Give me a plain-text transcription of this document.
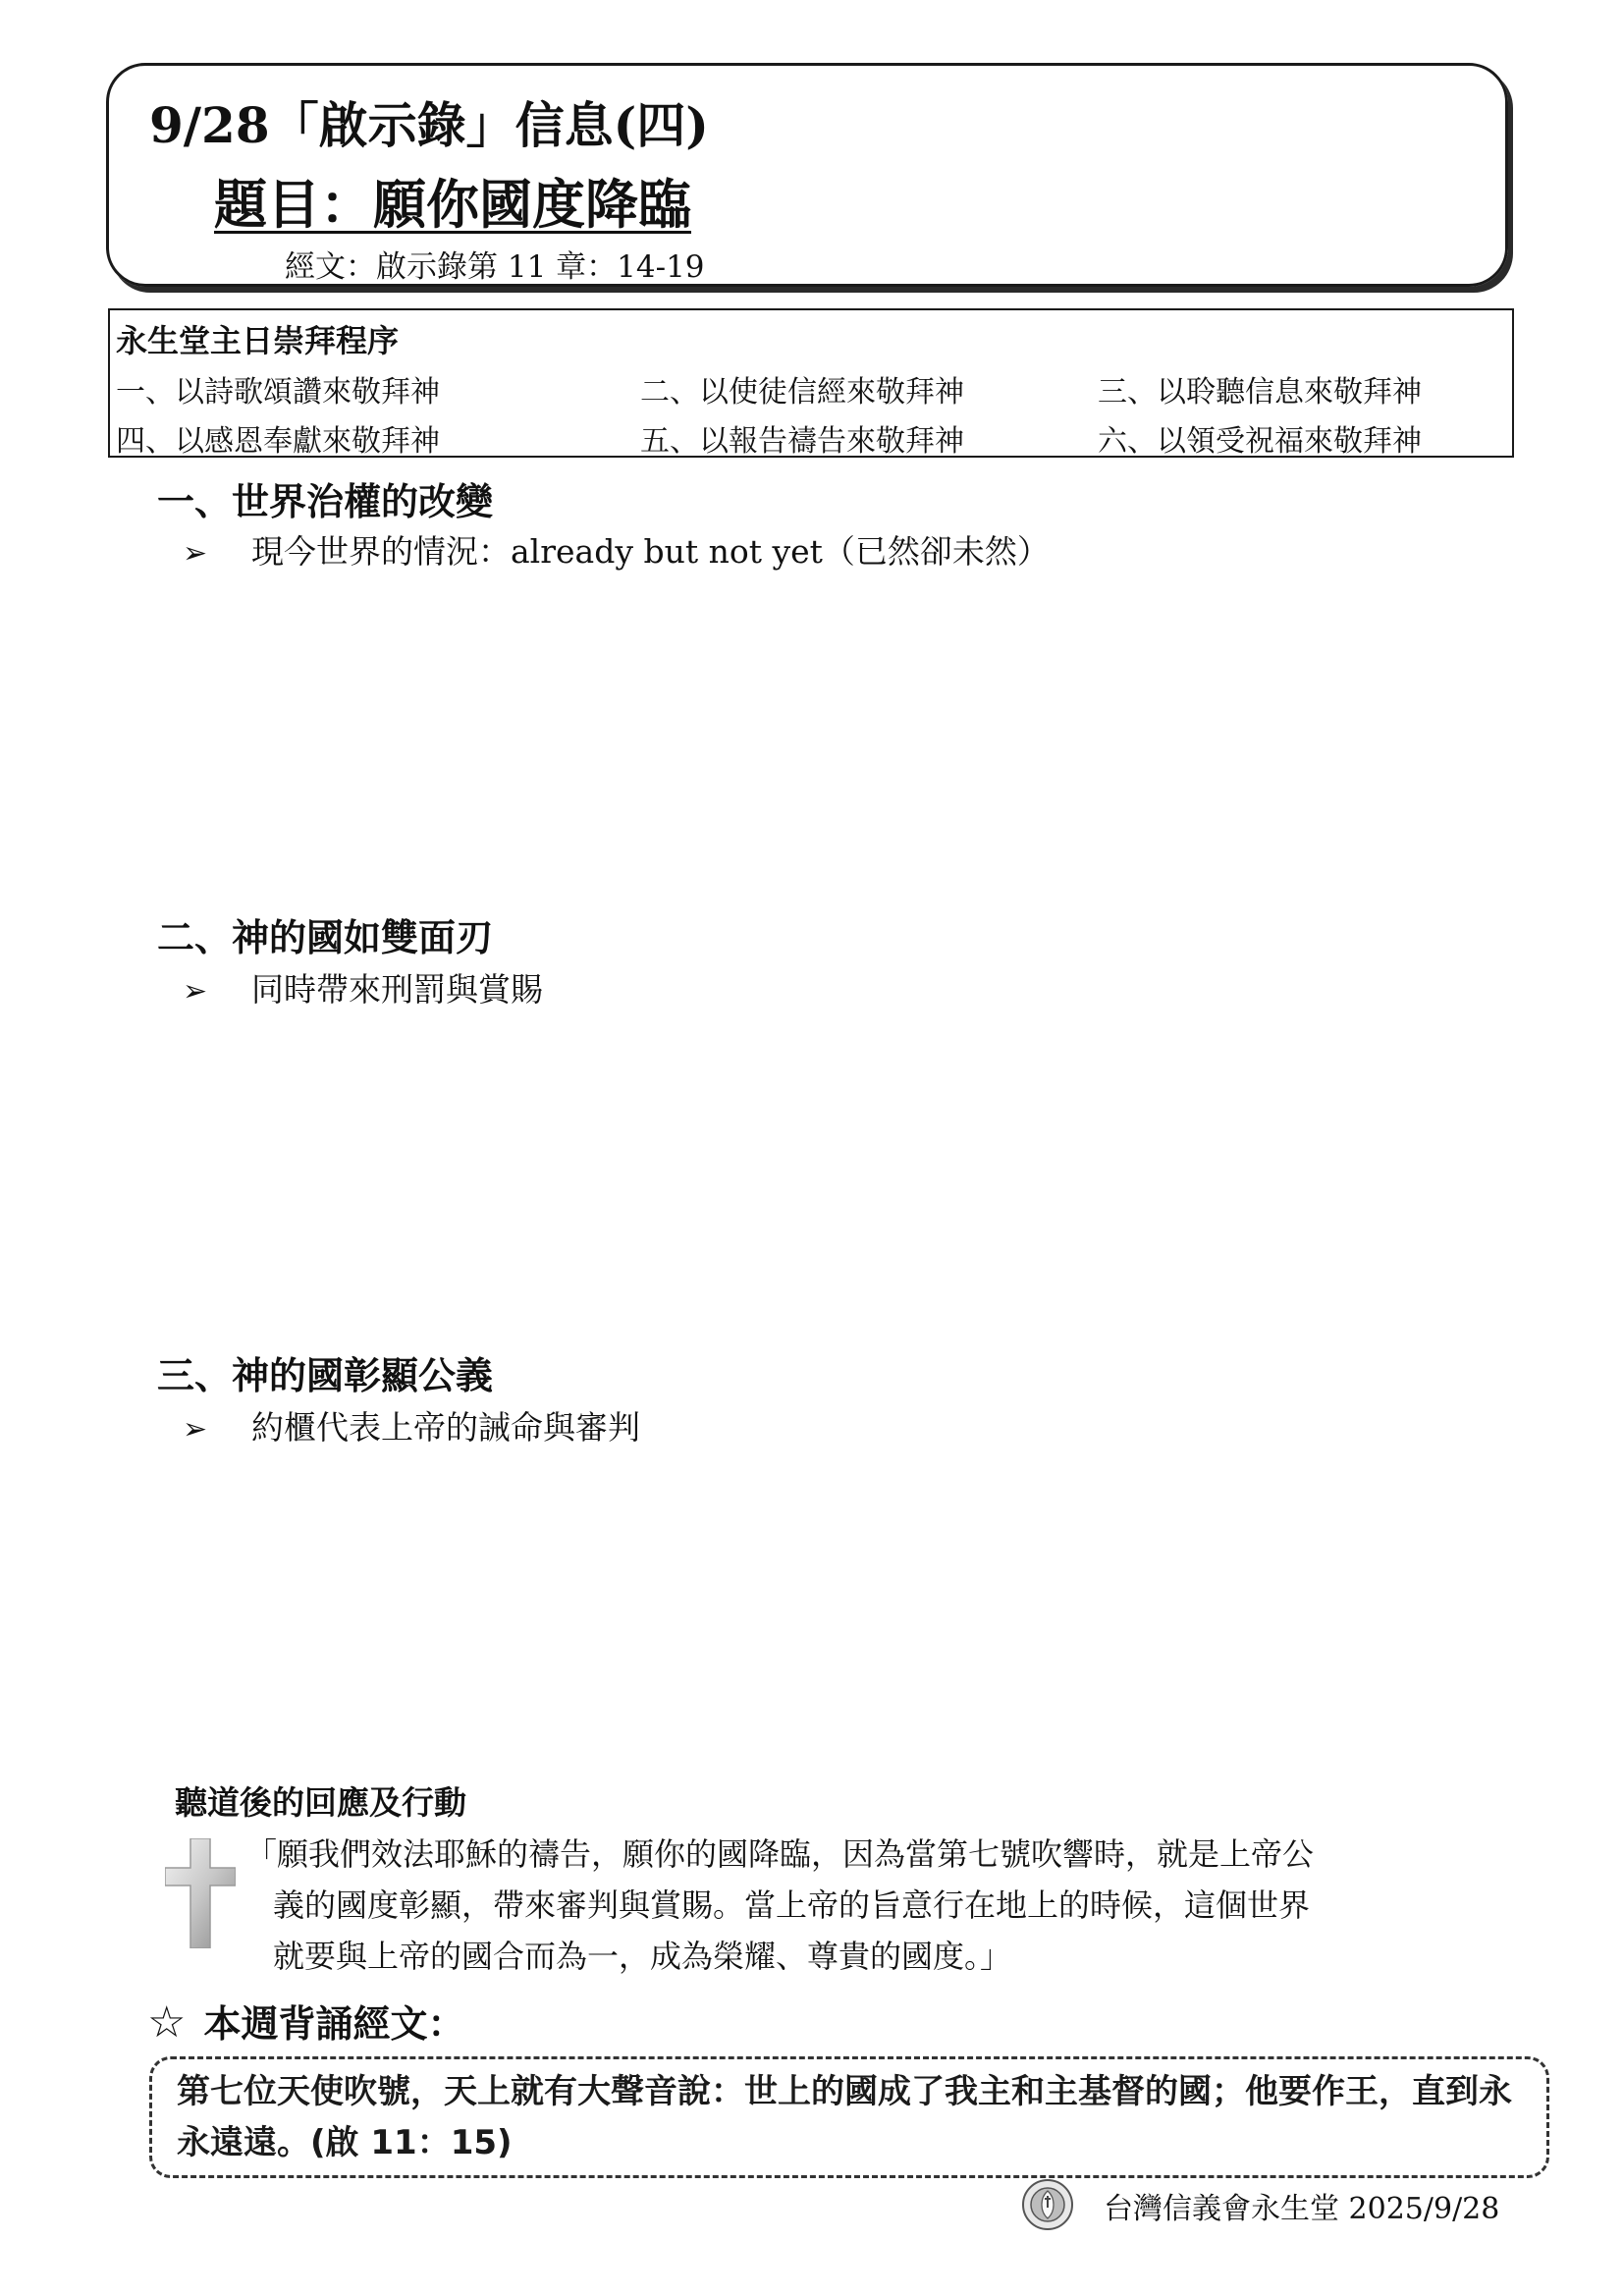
9/28「啟示錄」信息(四)
題目：願你國度降臨
經文：啟示錄第 11 章：14-19
永生堂主日崇拜程序
一、以詩歌頌讚來敬拜神	二、以使徒信經來敬拜神	三、以聆聽信息來敬拜神
四、以感恩奉獻來敬拜神	五、以報告禱告來敬拜神	六、以領受祝福來敬拜神
一、世界治權的改變
➢ 現今世界的情況：already but not yet（已然卻未然）
二、神的國如雙面刃
➢ 同時帶來刑罰與賞賜
三、神的國彰顯公義
➢ 約櫃代表上帝的誡命與審判
聽道後的回應及行動
「願我們效法耶穌的禱告，願你的國降臨，因為當第七號吹響時，就是上帝公
義的國度彰顯，帶來審判與賞賜。當上帝的旨意行在地上的時候，這個世界
就要與上帝的國合而為一，成為榮耀、尊貴的國度。」
☆ 本週背誦經文：
第七位天使吹號，天上就有大聲音說：世上的國成了我主和主基督的國；他要作王，直到永永遠遠。(啟 11：15)
台灣信義會永生堂 2025/9/28
